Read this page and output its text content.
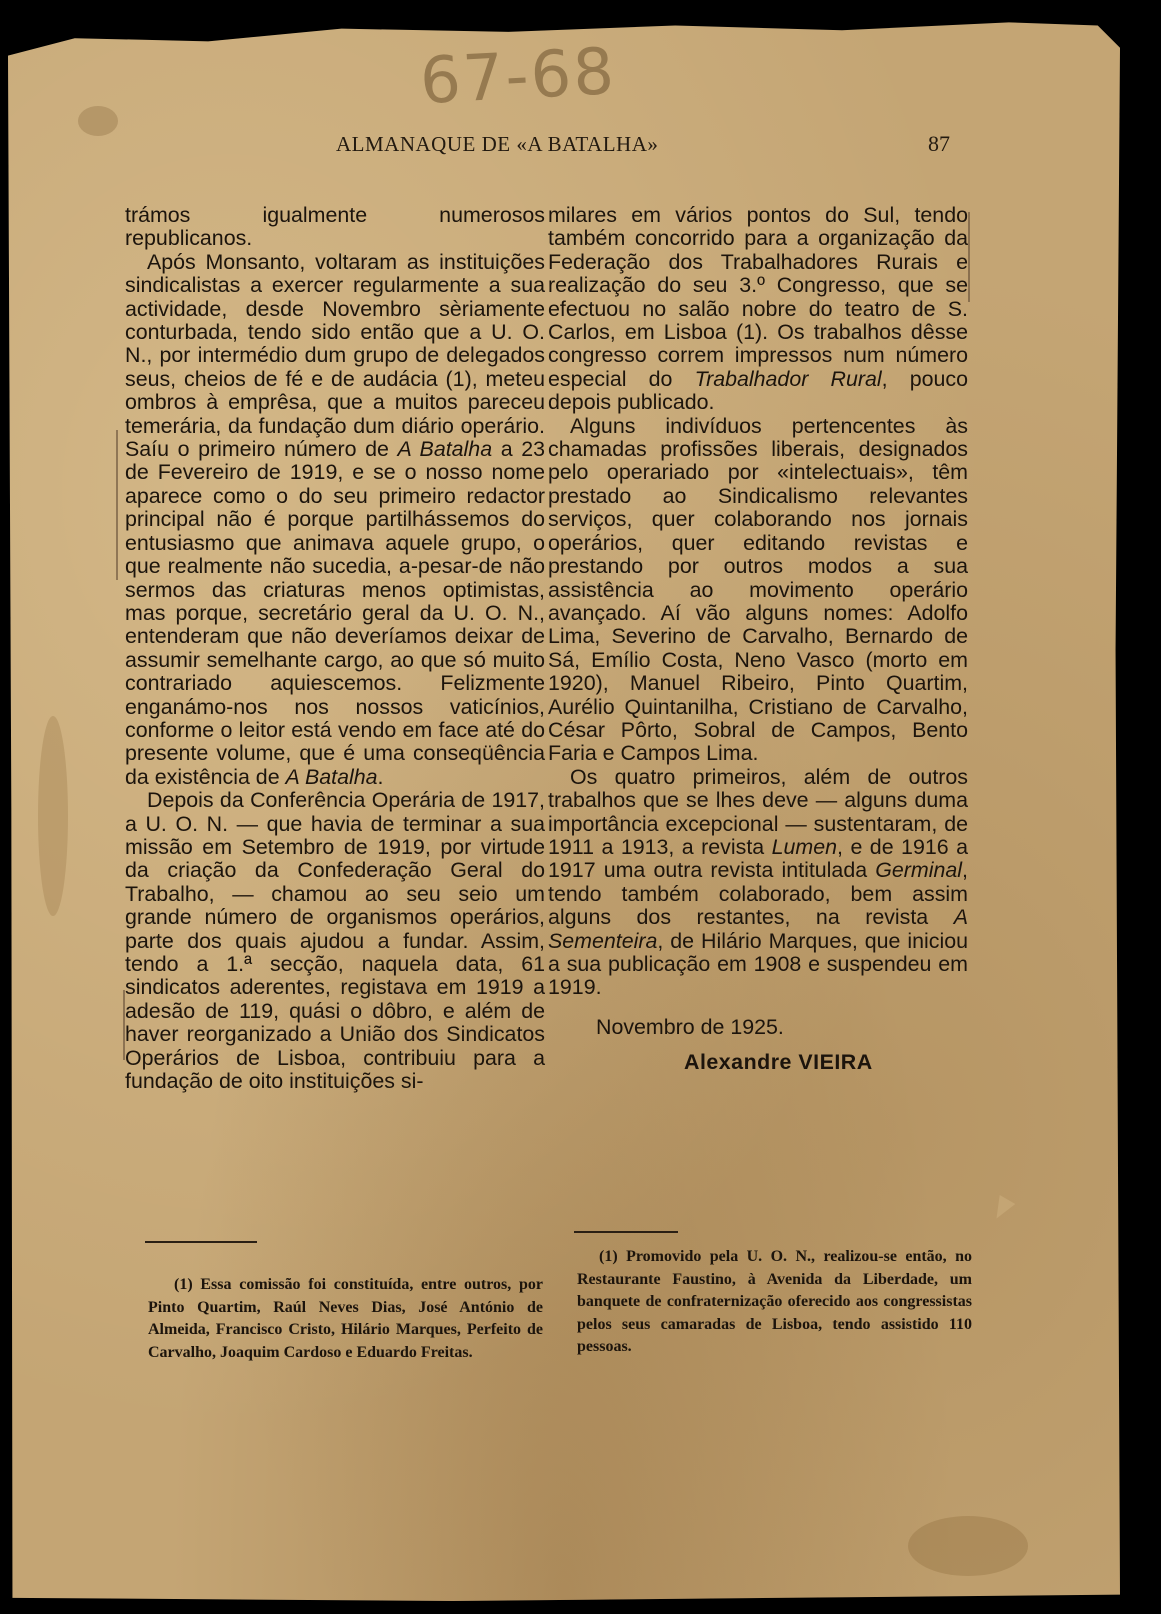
67-68
ALMANAQUE DE «A BATALHA»	87

trámos igualmente numerosos republicanos.

Após Monsanto, voltaram as instituições sindicalistas a exercer regularmente a sua actividade, desde Novembro sèriamente conturbada, tendo sido então que a U. O. N., por intermédio dum grupo de delegados seus, cheios de fé e de audácia (1), meteu ombros à emprêsa, que a muitos pareceu temerária, da fundação dum diário operário. Saíu o primeiro número de A Batalha a 23 de Fevereiro de 1919, e se o nosso nome aparece como o do seu primeiro redactor principal não é porque partilhássemos do entusiasmo que animava aquele grupo, o que realmente não sucedia, a-pesar-de não sermos das criaturas menos optimistas, mas porque, secretário geral da U. O. N., entenderam que não deveríamos deixar de assumir semelhante cargo, ao que só muito contrariado aquiescemos. Felizmente enganámo-nos nos nossos vaticínios, conforme o leitor está vendo em face até do presente volume, que é uma conseqüência da existência de A Batalha.

Depois da Conferência Operária de 1917, a U. O. N. — que havia de terminar a sua missão em Setembro de 1919, por virtude da criação da Confederação Geral do Trabalho, — chamou ao seu seio um grande número de organismos operários, parte dos quais ajudou a fundar. Assim, tendo a 1.ª secção, naquela data, 61 sindicatos aderentes, registava em 1919 a adesão de 119, quási o dôbro, e além de haver reorganizado a União dos Sindicatos Operários de Lisboa, contribuiu para a fundação de oito instituições si-

milares em vários pontos do Sul, tendo também concorrido para a organização da Federação dos Trabalhadores Rurais e realização do seu 3.º Congresso, que se efectuou no salão nobre do teatro de S. Carlos, em Lisboa (1). Os trabalhos dêsse congresso correm impressos num número especial do Trabalhador Rural, pouco depois publicado.

Alguns indivíduos pertencentes às chamadas profissões liberais, designados pelo operariado por «intelectuais», têm prestado ao Sindicalismo relevantes serviços, quer colaborando nos jornais operários, quer editando revistas e prestando por outros modos a sua assistência ao movimento operário avançado. Aí vão alguns nomes: Adolfo Lima, Severino de Carvalho, Bernardo de Sá, Emílio Costa, Neno Vasco (morto em 1920), Manuel Ribeiro, Pinto Quartim, Aurélio Quintanilha, Cristiano de Carvalho, César Pôrto, Sobral de Campos, Bento Faria e Campos Lima.

Os quatro primeiros, além de outros trabalhos que se lhes deve — alguns duma importância excepcional — sustentaram, de 1911 a 1913, a revista Lumen, e de 1916 a 1917 uma outra revista intitulada Germinal, tendo também colaborado, bem assim alguns dos restantes, na revista A Sementeira, de Hilário Marques, que iniciou a sua publicação em 1908 e suspendeu em 1919.

Novembro de 1925.

Alexandre VIEIRA

(1) Essa comissão foi constituída, entre outros, por Pinto Quartim, Raúl Neves Dias, José António de Almeida, Francisco Cristo, Hilário Marques, Perfeito de Carvalho, Joaquim Cardoso e Eduardo Freitas.
(1) Promovido pela U. O. N., realizou-se então, no Restaurante Faustino, à Avenida da Liberdade, um banquete de confraternização oferecido aos congressistas pelos seus camaradas de Lisboa, tendo assistido 110 pessoas.
